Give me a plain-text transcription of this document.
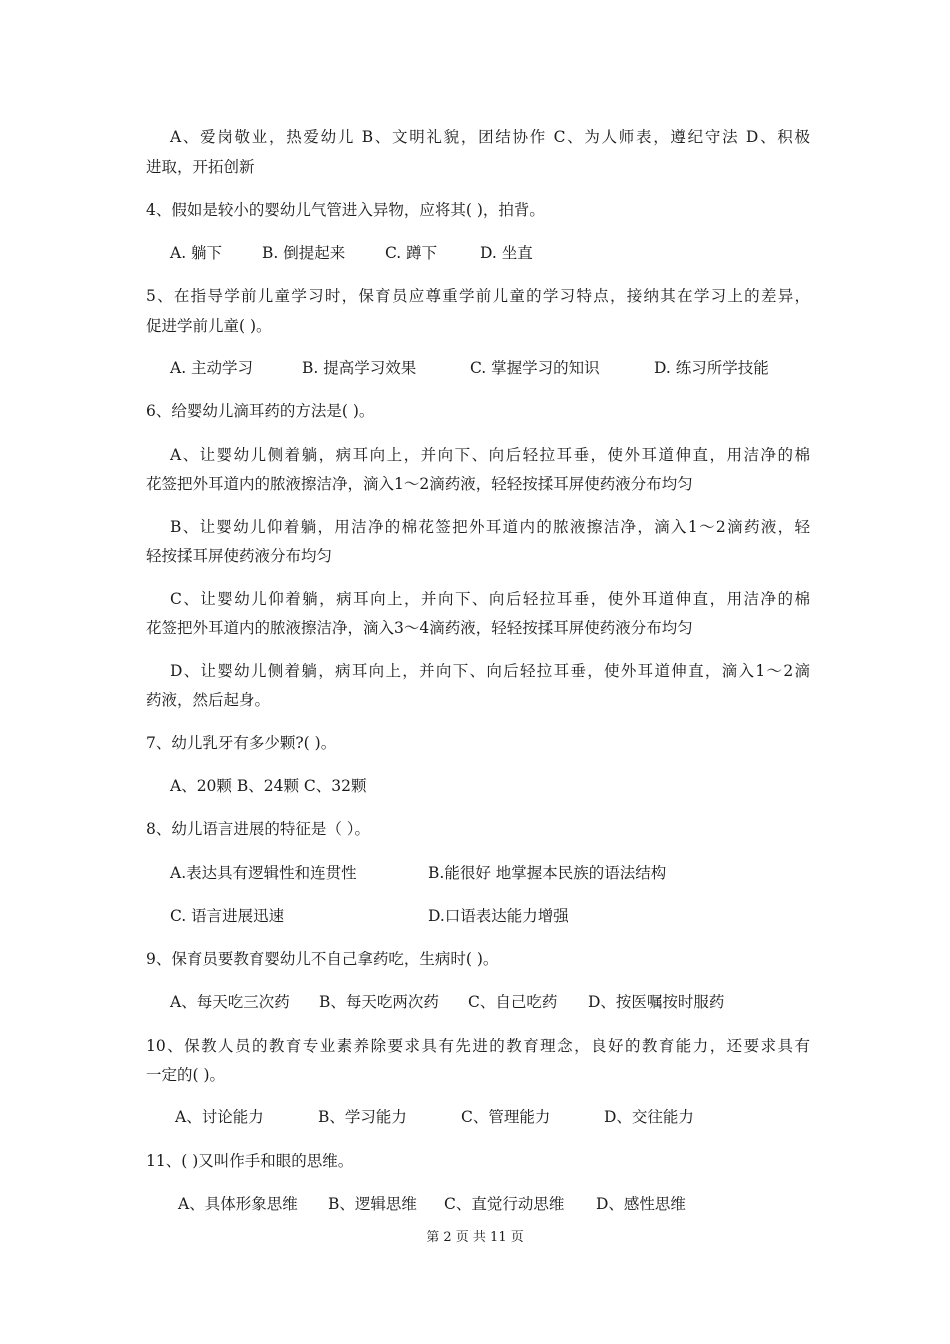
A、爱岗敬业，热爱幼儿 B、文明礼貌，团结协作 C、为人师表，遵纪守法 D、积极
进取，开拓创新
4、假如是较小的婴幼儿气管进入异物，应将其( )，拍背。
A. 躺下	B. 倒提起来	C. 蹲下	D. 坐直
5、在指导学前儿童学习时，保育员应尊重学前儿童的学习特点，接纳其在学习上的差异，
促进学前儿童( )。
A. 主动学习	B. 提高学习效果	C. 掌握学习的知识	D. 练习所学技能
6、给婴幼儿滴耳药的方法是( )。
A、让婴幼儿侧着躺，病耳向上，并向下、向后轻拉耳垂，使外耳道伸直，用洁净的棉
花签把外耳道内的脓液擦洁净，滴入1～2滴药液，轻轻按揉耳屏使药液分布均匀
B、让婴幼儿仰着躺，用洁净的棉花签把外耳道内的脓液擦洁净，滴入1～2滴药液，轻
轻按揉耳屏使药液分布均匀
C、让婴幼儿仰着躺，病耳向上，并向下、向后轻拉耳垂，使外耳道伸直，用洁净的棉
花签把外耳道内的脓液擦洁净，滴入3～4滴药液，轻轻按揉耳屏使药液分布均匀
D、让婴幼儿侧着躺，病耳向上，并向下、向后轻拉耳垂，使外耳道伸直，滴入1～2滴
药液，然后起身。
7、幼儿乳牙有多少颗?( )。
A、20颗 B、24颗 C、32颗
8、幼儿语言进展的特征是（ ）。
A.表达具有逻辑性和连贯性	B.能很好 地掌握本民族的语法结构
C. 语言进展迅速	D.口语表达能力增强
9、保育员要教育婴幼儿不自己拿药吃，生病时( )。
A、每天吃三次药 B、每天吃两次药 C、自己吃药 D、按医嘱按时服药
10、保教人员的教育专业素养除要求具有先进的教育理念，良好的教育能力，还要求具有
一定的( )。
A、讨论能力	B、学习能力	C、管理能力	D、交往能力
11、( )又叫作手和眼的思维。
A、具体形象思维 B、逻辑思维 C、直觉行动思维 D、感性思维
第 2 页 共 11 页
